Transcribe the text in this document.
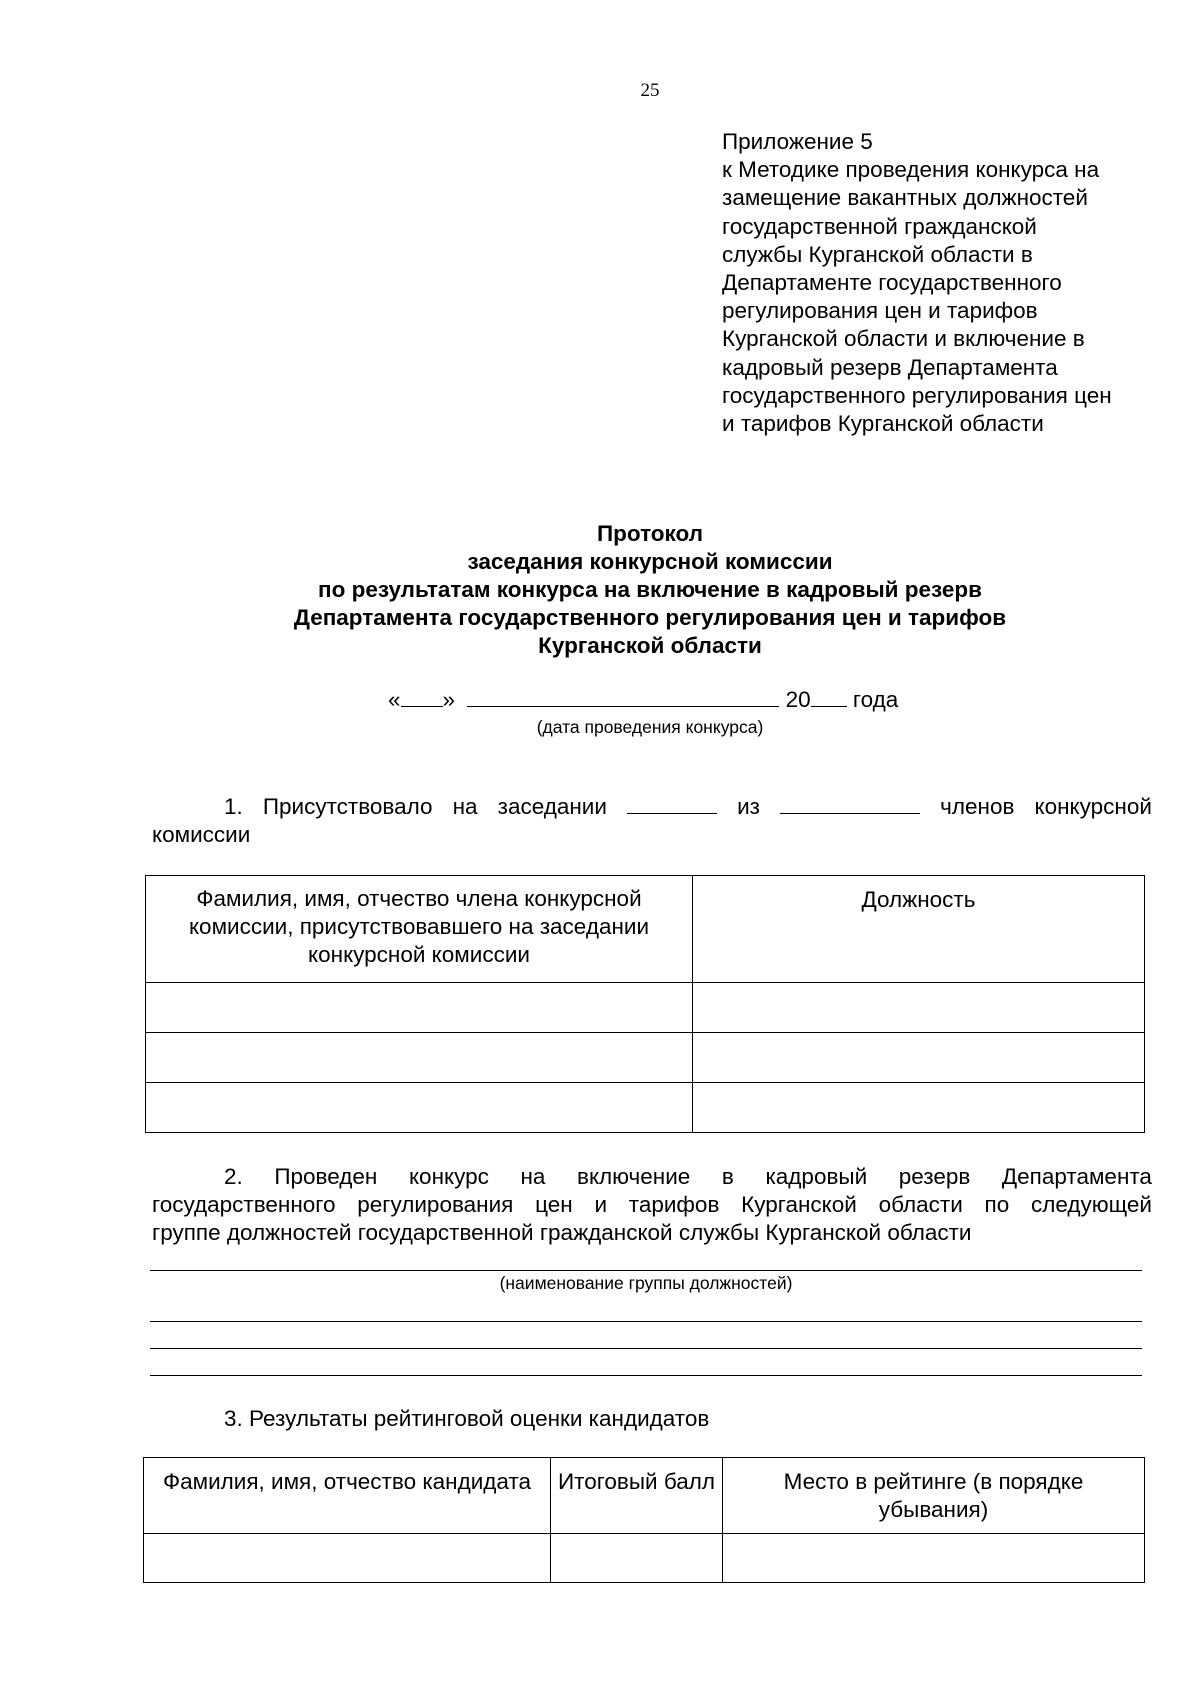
25
Приложение 5
к Методике проведения конкурса на
замещение вакантных должностей
государственной гражданской
службы Курганской области в
Департаменте государственного
регулирования цен и тарифов
Курганской области и включение в
кадровый резерв Департамента
государственного регулирования цен
и тарифов Курганской области
Протокол
заседания конкурсной комиссии
по результатам конкурса на включение в кадровый резерв
Департамента государственного регулирования цен и тарифов
Курганской области
« »	20 года
(дата проведения конкурса)
1. Присутствовало на заседании	из	членов конкурсной
комиссии
Фамилия, имя, отчество члена конкурсной комиссии, присутствовавшего на заседании конкурсной комиссии	Должность

2. Проведен конкурс на включение в кадровый резерв Департамента
государственного регулирования цен и тарифов Курганской области по следующей
группе должностей государственной гражданской службы Курганской области
(наименование группы должностей)
3. Результаты рейтинговой оценки кандидатов
Фамилия, имя, отчество кандидата	Итоговый балл	Место в рейтинге (в порядке убывания)
